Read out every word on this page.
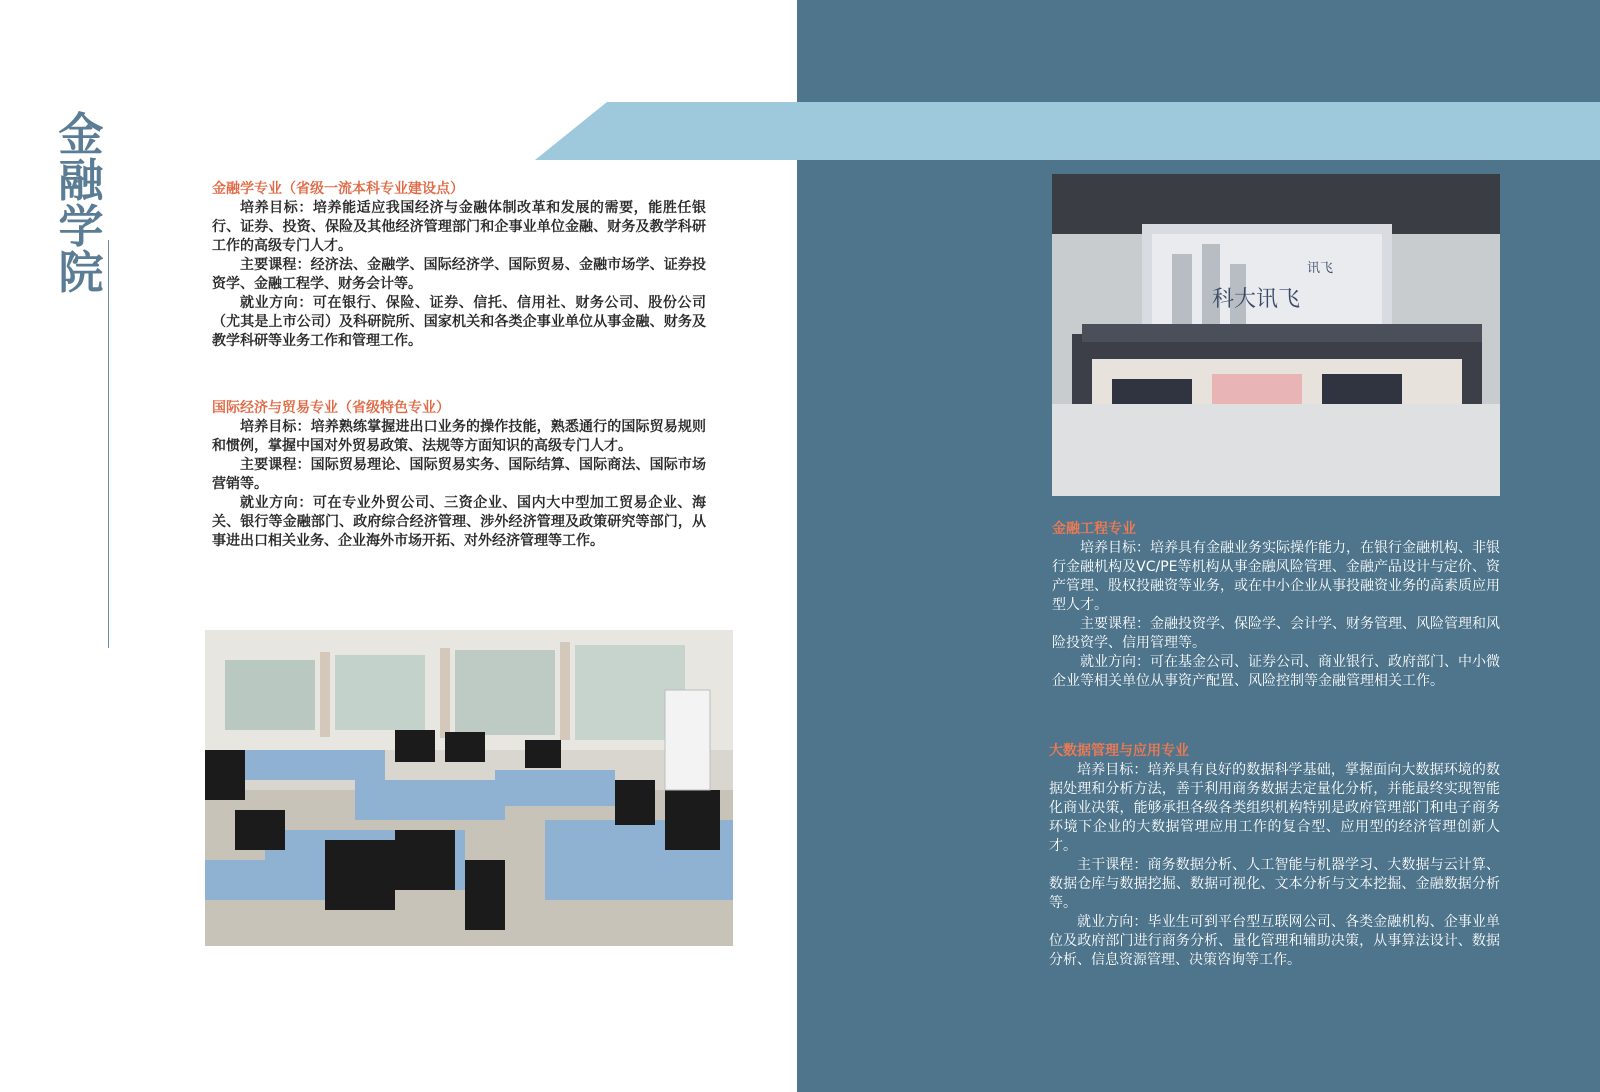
金
融
学
院
金融学专业（省级一流本科专业建设点）

培养目标：培养能适应我国经济与金融体制改革和发展的需要，能胜任银行、证券、投资、保险及其他经济管理部门和企事业单位金融、财务及教学科研工作的高级专门人才。

主要课程：经济法、金融学、国际经济学、国际贸易、金融市场学、证券投资学、金融工程学、财务会计等。

就业方向：可在银行、保险、证券、信托、信用社、财务公司、股份公司（尤其是上市公司）及科研院所、国家机关和各类企事业单位从事金融、财务及教学科研等业务工作和管理工作。

国际经济与贸易专业（省级特色专业）

培养目标：培养熟练掌握进出口业务的操作技能，熟悉通行的国际贸易规则和惯例，掌握中国对外贸易政策、法规等方面知识的高级专门人才。

主要课程：国际贸易理论、国际贸易实务、国际结算、国际商法、国际市场营销等。

就业方向：可在专业外贸公司、三资企业、国内大中型加工贸易企业、海关、银行等金融部门、政府综合经济管理、涉外经济管理及政策研究等部门，从事进出口相关业务、企业海外市场开拓、对外经济管理等工作。

讯飞
科大讯飞
金融工程专业

培养目标：培养具有金融业务实际操作能力，在银行金融机构、非银行金融机构及VC/PE等机构从事金融风险管理、金融产品设计与定价、资产管理、股权投融资等业务，或在中小企业从事投融资业务的高素质应用型人才。

主要课程：金融投资学、保险学、会计学、财务管理、风险管理和风险投资学、信用管理等。

就业方向：可在基金公司、证券公司、商业银行、政府部门、中小微企业等相关单位从事资产配置、风险控制等金融管理相关工作。

大数据管理与应用专业

培养目标：培养具有良好的数据科学基础，掌握面向大数据环境的数据处理和分析方法，善于利用商务数据去定量化分析，并能最终实现智能化商业决策，能够承担各级各类组织机构特别是政府管理部门和电子商务环境下企业的大数据管理应用工作的复合型、应用型的经济管理创新人才。

主干课程：商务数据分析、人工智能与机器学习、大数据与云计算、数据仓库与数据挖掘、数据可视化、文本分析与文本挖掘、金融数据分析等。

就业方向：毕业生可到平台型互联网公司、各类金融机构、企事业单位及政府部门进行商务分析、量化管理和辅助决策，从事算法设计、数据分析、信息资源管理、决策咨询等工作。
